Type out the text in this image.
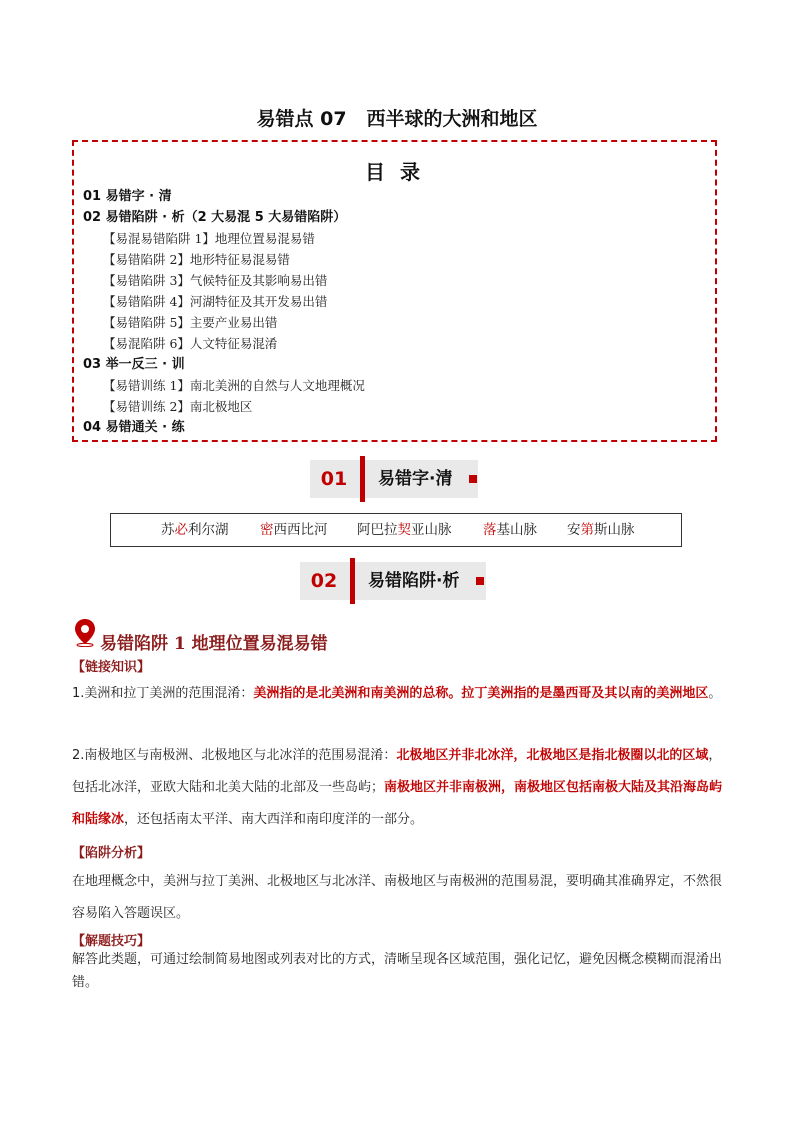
易错点 07   西半球的大洲和地区
目 录
01 易错字 · 清
02 易错陷阱 · 析（2 大易混 5 大易错陷阱）
【易混易错陷阱 1】地理位置易混易错
【易错陷阱 2】地形特征易混易错
【易错陷阱 3】气候特征及其影响易出错
【易错陷阱 4】河湖特征及其开发易出错
【易错陷阱 5】主要产业易出错
【易混陷阱 6】人文特征易混淆
03 举一反三 · 训
【易错训练 1】南北美洲的自然与人文地理概况
【易错训练 2】南北极地区
04 易错通关 · 练
01	易错字·清
苏必利尔湖 密西西比河 阿巴拉契亚山脉 落基山脉 安第斯山脉
02	易错陷阱·析
易错陷阱 1 地理位置易混易错
【链接知识】
1.美洲和拉丁美洲的范围混淆：美洲指的是北美洲和南美洲的总称。拉丁美洲指的是墨西哥及其以南的美洲地区。
2.南极地区与南极洲、北极地区与北冰洋的范围易混淆：北极地区并非北冰洋，北极地区是指北极圈以北的区域，包括北冰洋，亚欧大陆和北美大陆的北部及一些岛屿；南极地区并非南极洲，南极地区包括南极大陆及其沿海岛屿和陆缘冰，还包括南太平洋、南大西洋和南印度洋的一部分。
【陷阱分析】
在地理概念中，美洲与拉丁美洲、北极地区与北冰洋、南极地区与南极洲的范围易混，要明确其准确界定，不然很容易陷入答题误区。
【解题技巧】
解答此类题，可通过绘制简易地图或列表对比的方式，清晰呈现各区域范围，强化记忆，避免因概念模糊而混淆出错。
